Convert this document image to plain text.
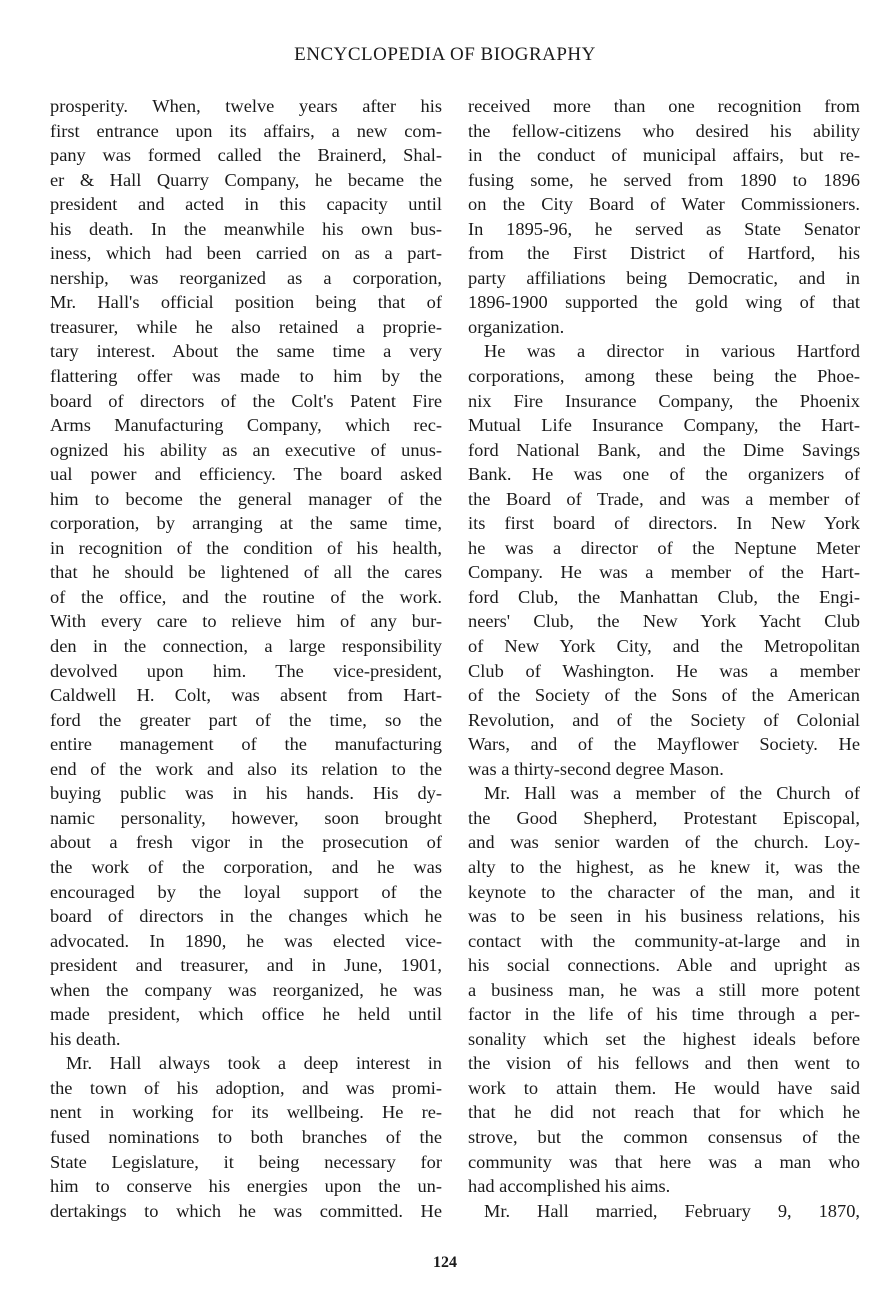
ENCYCLOPEDIA OF BIOGRAPHY
prosperity. When, twelve years after his
first entrance upon its affairs, a new com-
pany was formed called the Brainerd, Shal-
er & Hall Quarry Company, he became the
president and acted in this capacity until
his death. In the meanwhile his own bus-
iness, which had been carried on as a part-
nership, was reorganized as a corporation,
Mr. Hall's official position being that of
treasurer, while he also retained a proprie-
tary interest. About the same time a very
flattering offer was made to him by the
board of directors of the Colt's Patent Fire
Arms Manufacturing Company, which rec-
ognized his ability as an executive of unus-
ual power and efficiency. The board asked
him to become the general manager of the
corporation, by arranging at the same time,
in recognition of the condition of his health,
that he should be lightened of all the cares
of the office, and the routine of the work.
With every care to relieve him of any bur-
den in the connection, a large responsibility
devolved upon him. The vice-president,
Caldwell H. Colt, was absent from Hart-
ford the greater part of the time, so the
entire management of the manufacturing
end of the work and also its relation to the
buying public was in his hands. His dy-
namic personality, however, soon brought
about a fresh vigor in the prosecution of
the work of the corporation, and he was
encouraged by the loyal support of the
board of directors in the changes which he
advocated. In 1890, he was elected vice-
president and treasurer, and in June, 1901,
when the company was reorganized, he was
made president, which office he held until
his death.
Mr. Hall always took a deep interest in
the town of his adoption, and was promi-
nent in working for its wellbeing. He re-
fused nominations to both branches of the
State Legislature, it being necessary for
him to conserve his energies upon the un-
dertakings to which he was committed. He
received more than one recognition from
the fellow-citizens who desired his ability
in the conduct of municipal affairs, but re-
fusing some, he served from 1890 to 1896
on the City Board of Water Commissioners.
In 1895-96, he served as State Senator
from the First District of Hartford, his
party affiliations being Democratic, and in
1896-1900 supported the gold wing of that
organization.
He was a director in various Hartford
corporations, among these being the Phoe-
nix Fire Insurance Company, the Phoenix
Mutual Life Insurance Company, the Hart-
ford National Bank, and the Dime Savings
Bank. He was one of the organizers of
the Board of Trade, and was a member of
its first board of directors. In New York
he was a director of the Neptune Meter
Company. He was a member of the Hart-
ford Club, the Manhattan Club, the Engi-
neers' Club, the New York Yacht Club
of New York City, and the Metropolitan
Club of Washington. He was a member
of the Society of the Sons of the American
Revolution, and of the Society of Colonial
Wars, and of the Mayflower Society. He
was a thirty-second degree Mason.
Mr. Hall was a member of the Church of
the Good Shepherd, Protestant Episcopal,
and was senior warden of the church. Loy-
alty to the highest, as he knew it, was the
keynote to the character of the man, and it
was to be seen in his business relations, his
contact with the community-at-large and in
his social connections. Able and upright as
a business man, he was a still more potent
factor in the life of his time through a per-
sonality which set the highest ideals before
the vision of his fellows and then went to
work to attain them. He would have said
that he did not reach that for which he
strove, but the common consensus of the
community was that here was a man who
had accomplished his aims.
Mr. Hall married, February 9, 1870,
124
